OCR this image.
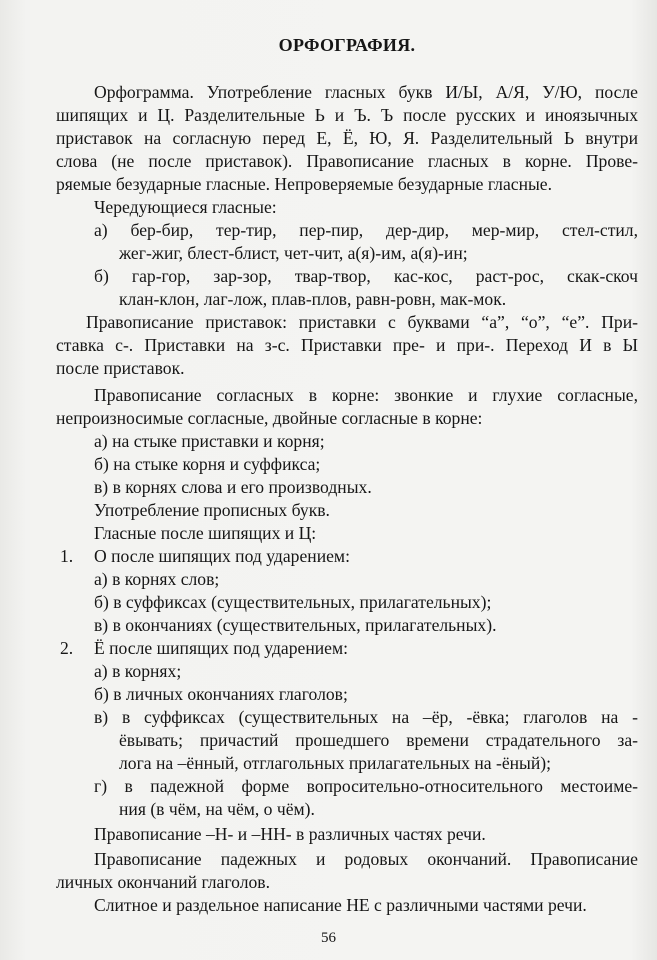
ОРФОГРАФИЯ.
Орфограмма. Употребление гласных букв И/Ы, А/Я, У/Ю, после
шипящих и Ц. Разделительные Ь и Ъ. Ъ после русских и иноязычных
приставок на согласную перед Е, Ё, Ю, Я. Разделительный Ь внутри
слова (не после приставок). Правописание гласных в корне. Прове-
ряемые безударные гласные. Непроверяемые безударные гласные.
Чередующиеся гласные:
а) бер-бир, тер-тир, пер-пир, дер-дир, мер-мир, стел-стил,
жег-жиг, блест-блист, чет-чит, а(я)-им, а(я)-ин;
б) гар-гор, зар-зор, твар-твор, кас-кос, раст-рос, скак-скоч
клан-клон, лаг-лож, плав-плов, равн-ровн, мак-мок.
Правописание приставок: приставки с буквами “а”, “о”, “е”. При-
ставка с-. Приставки на з-с. Приставки пре- и при-. Переход И в Ы
после приставок.
Правописание согласных в корне: звонкие и глухие согласные,
непроизносимые согласные, двойные согласные в корне:
а) на стыке приставки и корня;
б) на стыке корня и суффикса;
в) в корнях слова и его производных.
Употребление прописных букв.
Гласные после шипящих и Ц:
1. О после шипящих под ударением:
а) в корнях слов;
б) в суффиксах (существительных, прилагательных);
в) в окончаниях (существительных, прилагательных).
2. Ё после шипящих под ударением:
а) в корнях;
б) в личных окончаниях глаголов;
в) в суффиксах (существительных на –ёр, -ёвка; глаголов на -
ёвывать; причастий прошедшего времени страдательного за-
лога на –ённый, отглагольных прилагательных на -ёный);
г) в падежной форме вопросительно-относительного местоиме-
ния (в чём, на чём, о чём).
Правописание –Н- и –НН- в различных частях речи.
Правописание падежных и родовых окончаний. Правописание
личных окончаний глаголов.
Слитное и раздельное написание НЕ с различными частями речи.
56
